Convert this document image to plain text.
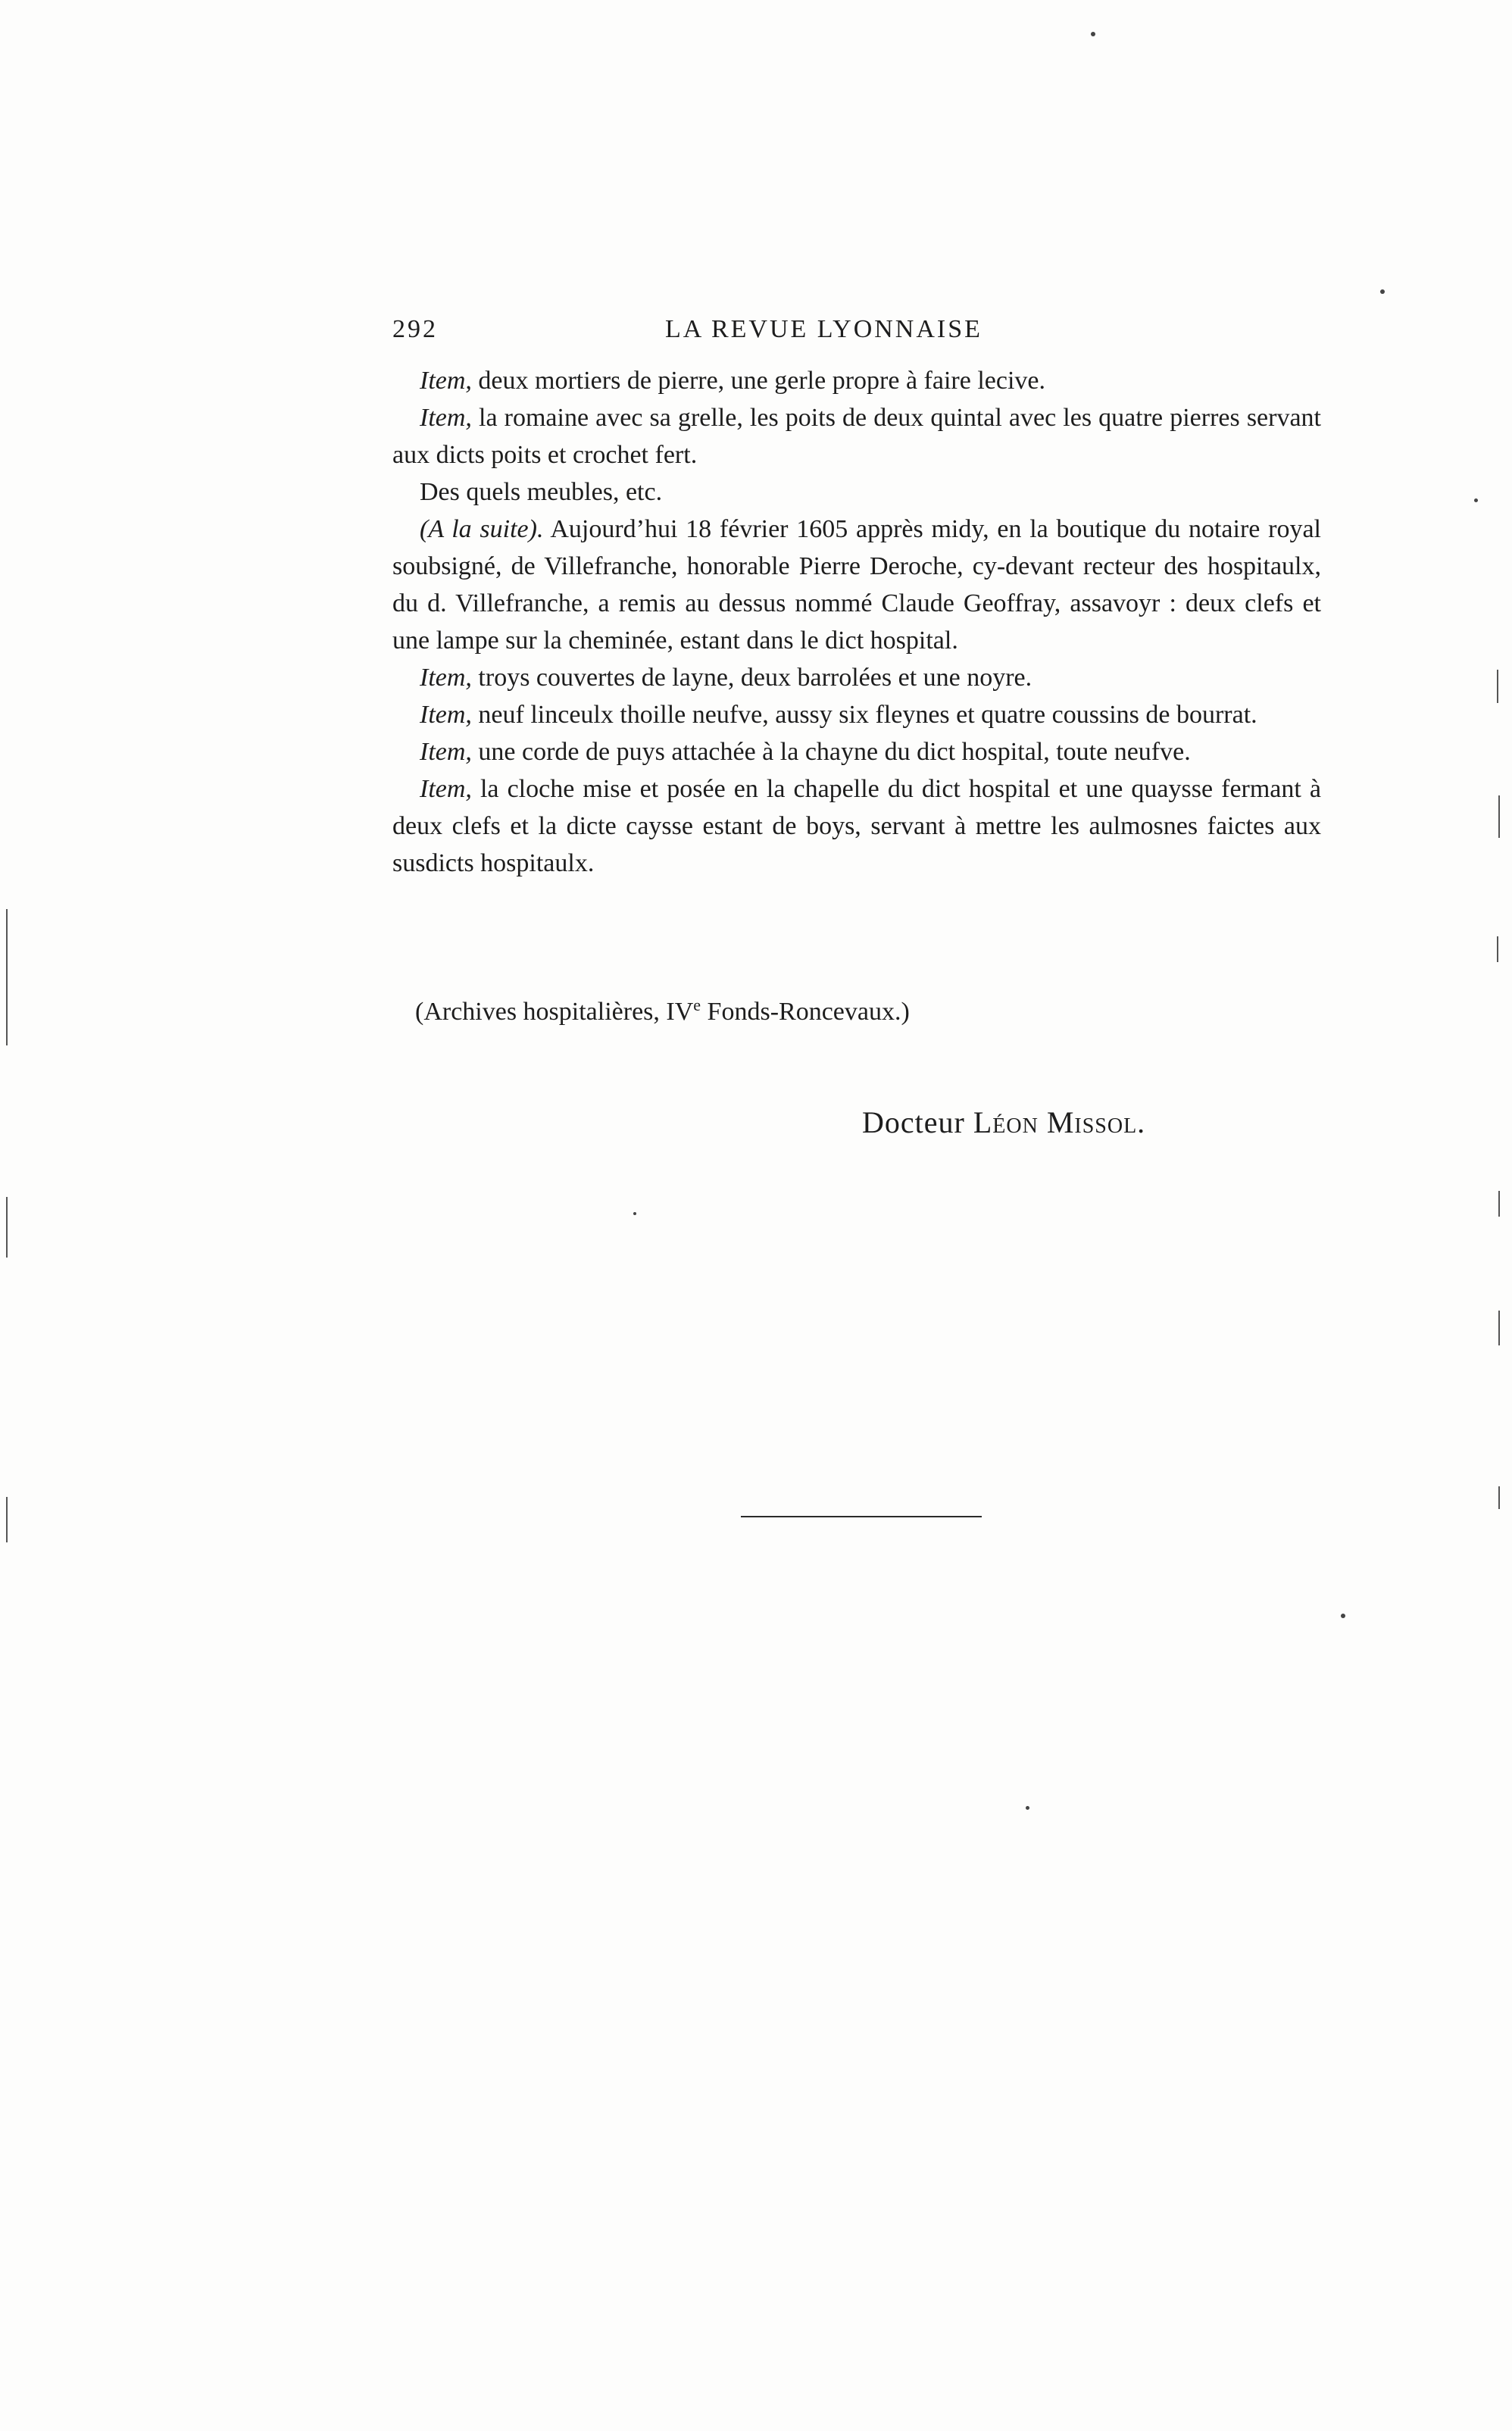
292	LA REVUE LYONNAISE

Item, deux mortiers de pierre, une gerle propre à faire lecive.

Item, la romaine avec sa grelle, les poits de deux quintal avec les quatre pierres servant aux dicts poits et crochet fert.

Des quels meubles, etc.

(A la suite). Aujourd’hui 18 février 1605 apprès midy, en la boutique du notaire royal soubsigné, de Villefranche, honorable Pierre Deroche, cy-devant recteur des hospitaulx, du d. Villefranche, a remis au dessus nommé Claude Geoffray, assavoyr : deux clefs et une lampe sur la cheminée, estant dans le dict hospital.

Item, troys couvertes de layne, deux barrolées et une noyre.

Item, neuf linceulx thoille neufve, aussy six fleynes et quatre coussins de bourrat.

Item, une corde de puys attachée à la chayne du dict hospital, toute neufve.

Item, la cloche mise et posée en la chapelle du dict hospital et une quaysse fermant à deux clefs et la dicte caysse estant de boys, servant à mettre les aulmosnes faictes aux susdicts hospitaulx.

(Archives hospitalières, IVe Fonds-Roncevaux.)
Docteur Léon Missol.
